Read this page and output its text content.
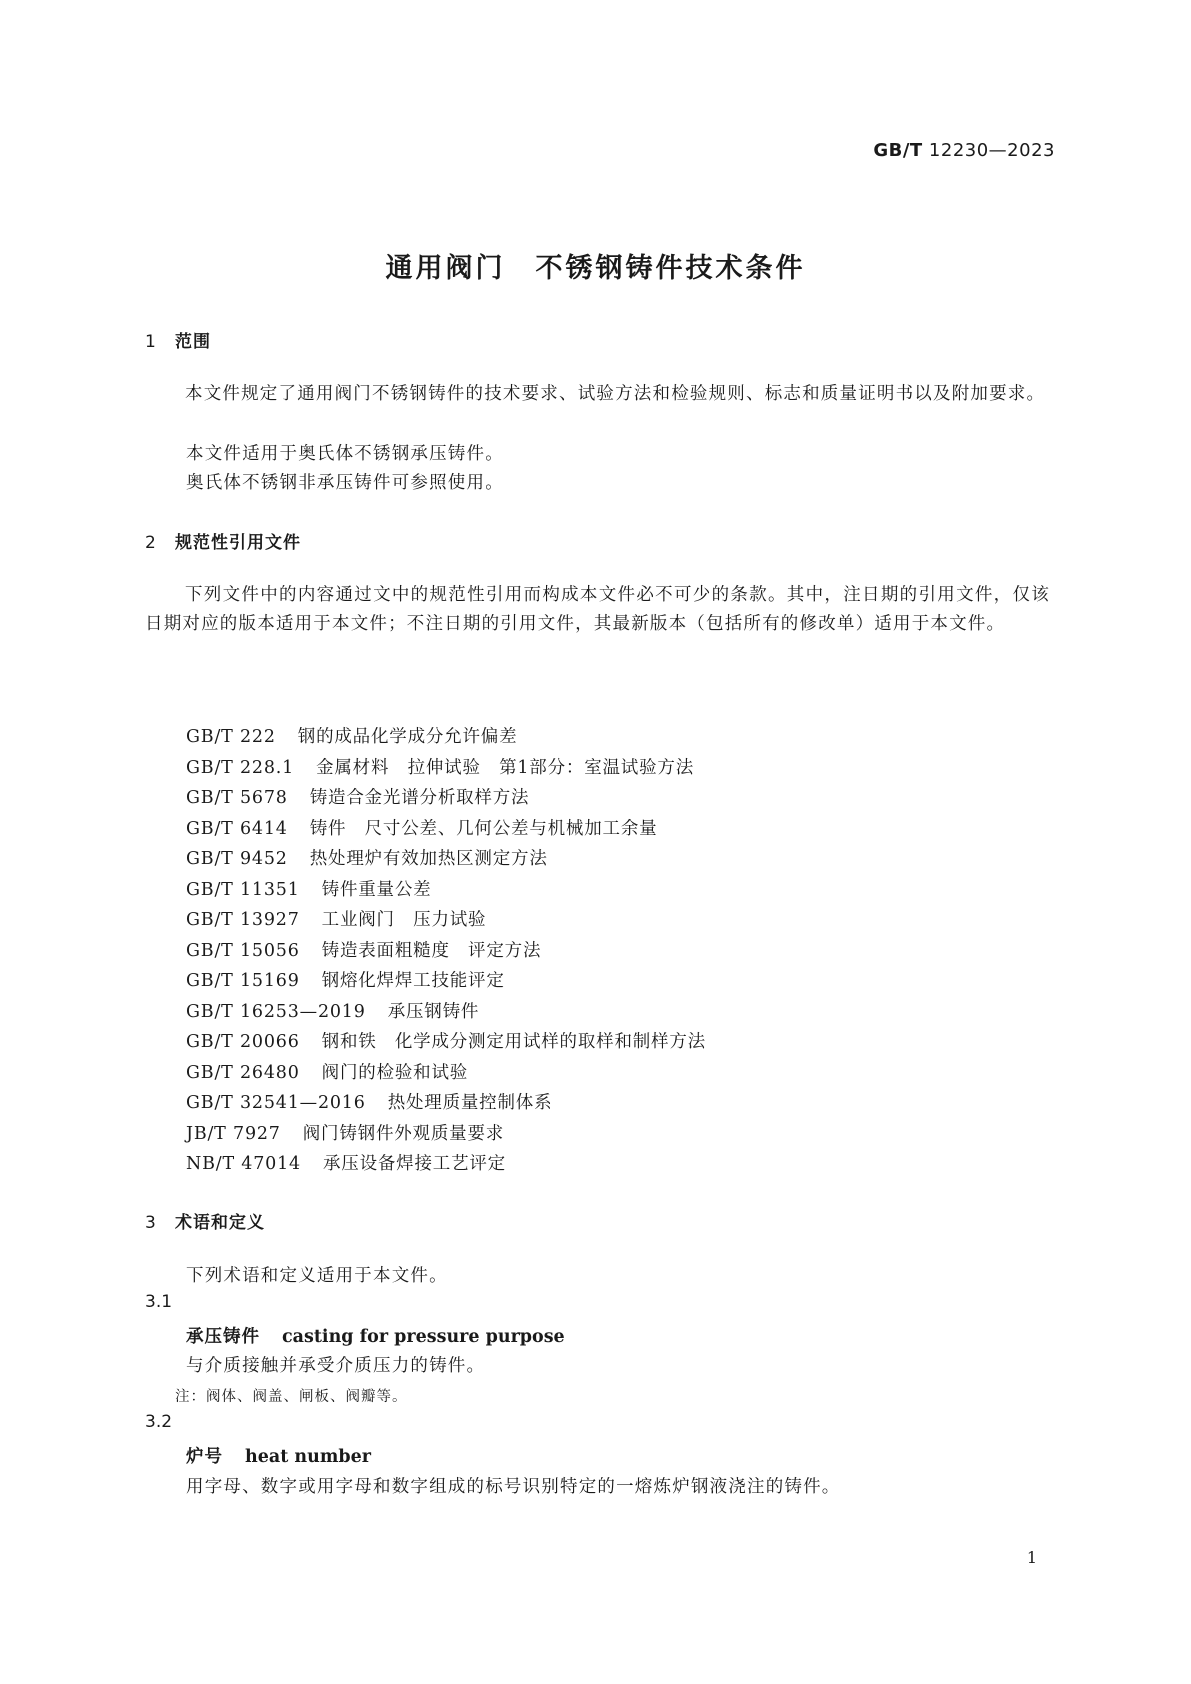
GB/T 12230—2023
通用阀门　不锈钢铸件技术条件
1 范围
本文件规定了通用阀门不锈钢铸件的技术要求、试验方法和检验规则、标志和质量证明书以及附加要求。
本文件适用于奥氏体不锈钢承压铸件。
奥氏体不锈钢非承压铸件可参照使用。
2 规范性引用文件
下列文件中的内容通过文中的规范性引用而构成本文件必不可少的条款。其中，注日期的引用文件，仅该日期对应的版本适用于本文件；不注日期的引用文件，其最新版本（包括所有的修改单）适用于本文件。
GB/T 222 钢的成品化学成分允许偏差
GB/T 228.1 金属材料　拉伸试验　第1部分：室温试验方法
GB/T 5678 铸造合金光谱分析取样方法
GB/T 6414 铸件　尺寸公差、几何公差与机械加工余量
GB/T 9452 热处理炉有效加热区测定方法
GB/T 11351 铸件重量公差
GB/T 13927 工业阀门　压力试验
GB/T 15056 铸造表面粗糙度　评定方法
GB/T 15169 钢熔化焊焊工技能评定
GB/T 16253—2019 承压钢铸件
GB/T 20066 钢和铁　化学成分测定用试样的取样和制样方法
GB/T 26480 阀门的检验和试验
GB/T 32541—2016 热处理质量控制体系
JB/T 7927 阀门铸钢件外观质量要求
NB/T 47014 承压设备焊接工艺评定
3 术语和定义
下列术语和定义适用于本文件。
3.1
承压铸件 casting for pressure purpose
与介质接触并承受介质压力的铸件。
注：阀体、阀盖、闸板、阀瓣等。
3.2
炉号 heat number
用字母、数字或用字母和数字组成的标号识别特定的一熔炼炉钢液浇注的铸件。
1
